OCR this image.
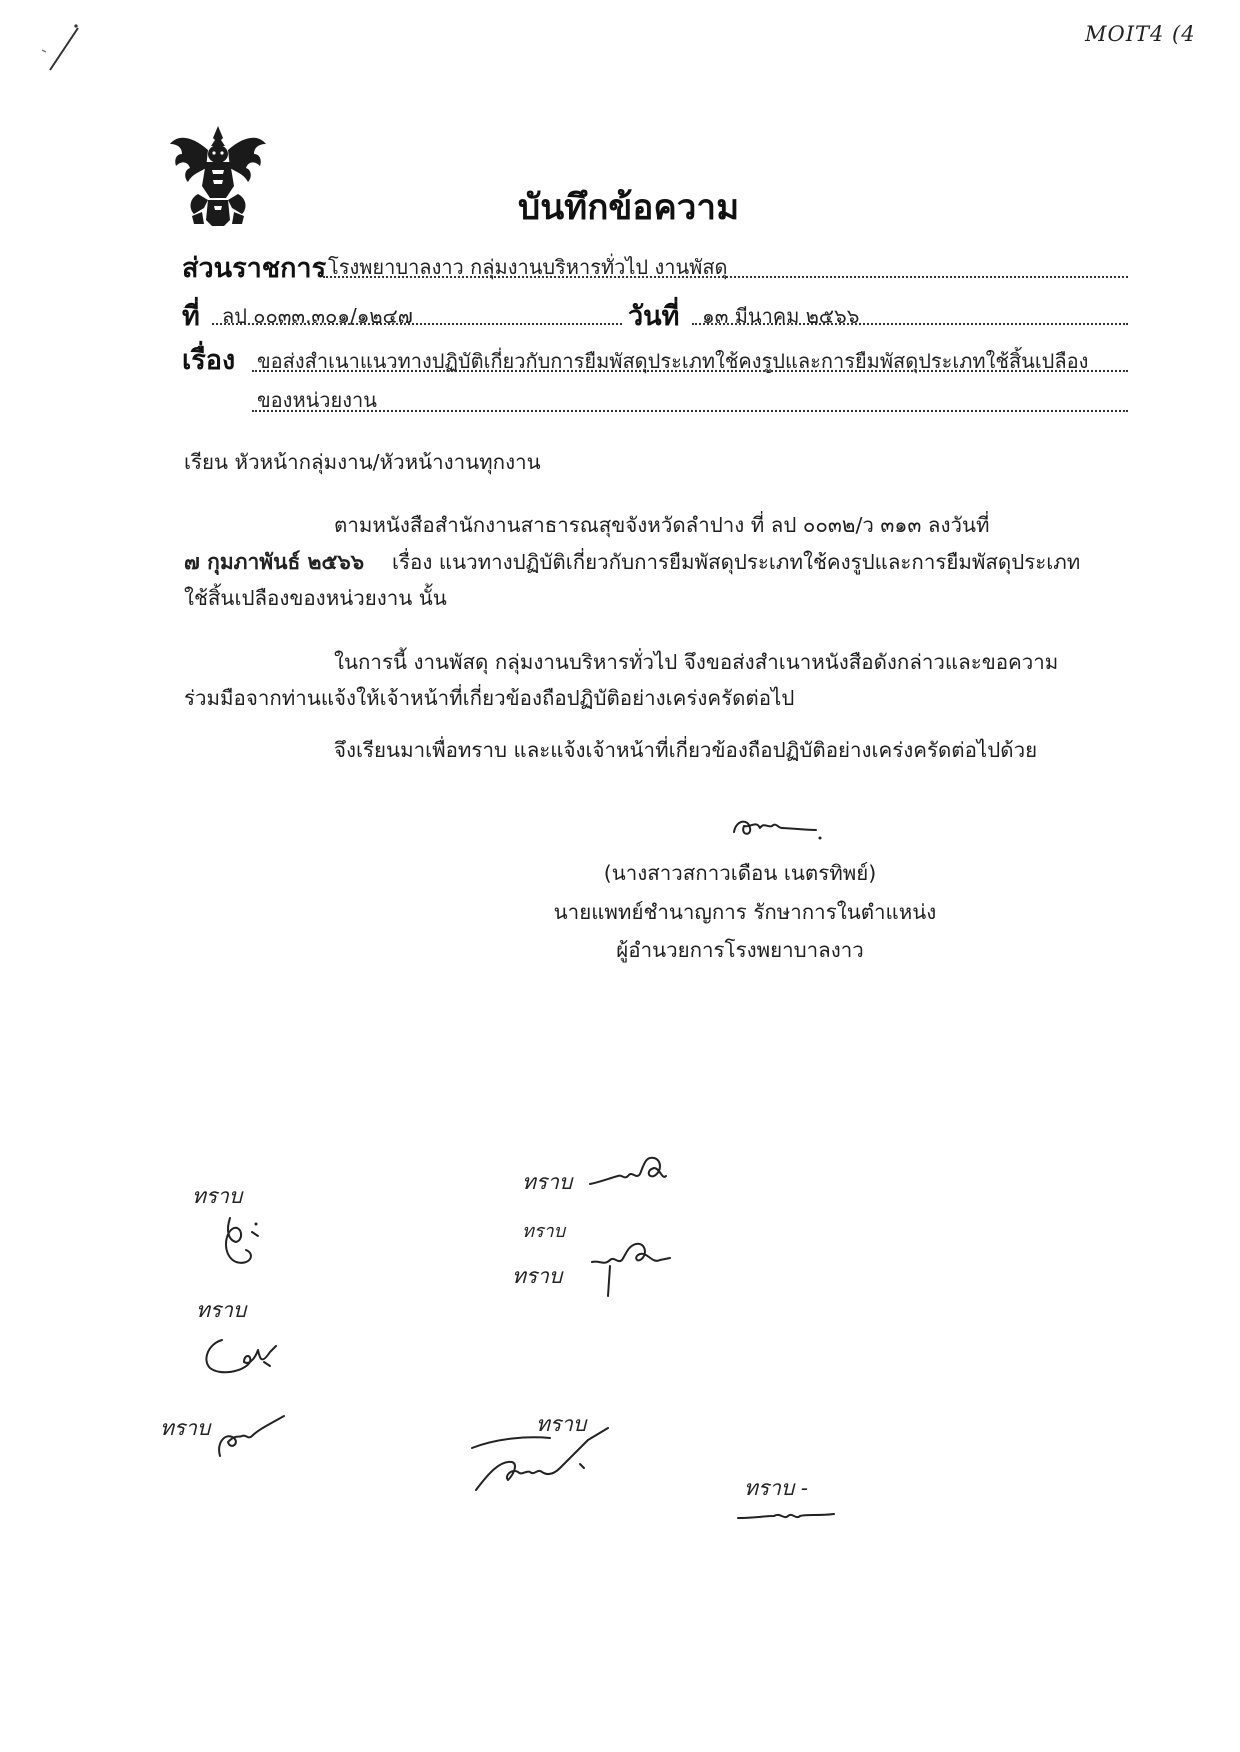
MOIT4 (4
บันทึกข้อความ
ส่วนราชการ โรงพยาบาลงาว กลุ่มงานบริหารทั่วไป งานพัสดุ
ที่ ลป ๐๐๓๓.๓๐๑/๑๒๔๗	วันที่ ๑๓ มีนาคม ๒๕๖๖
เรื่อง ขอส่งสำเนาแนวทางปฏิบัติเกี่ยวกับการยืมพัสดุประเภทใช้คงรูปและการยืมพัสดุประเภทใช้สิ้นเปลือง
ของหน่วยงาน
เรียน หัวหน้ากลุ่มงาน/หัวหน้างานทุกงาน
ตามหนังสือสำนักงานสาธารณสุขจังหวัดลำปาง ที่ ลป ๐๐๓๒/ว ๓๑๓ ลงวันที่
๗ กุมภาพันธ์ ๒๕๖๖ เรื่อง แนวทางปฏิบัติเกี่ยวกับการยืมพัสดุประเภทใช้คงรูปและการยืมพัสดุประเภท
ใช้สิ้นเปลืองของหน่วยงาน นั้น
ในการนี้ งานพัสดุ กลุ่มงานบริหารทั่วไป จึงขอส่งสำเนาหนังสือดังกล่าวและขอความ
ร่วมมือจากท่านแจ้งให้เจ้าหน้าที่เกี่ยวข้องถือปฏิบัติอย่างเคร่งครัดต่อไป
จึงเรียนมาเพื่อทราบ และแจ้งเจ้าหน้าที่เกี่ยวข้องถือปฏิบัติอย่างเคร่งครัดต่อไปด้วย
(นางสาวสกาวเดือน เนตรทิพย์)
นายแพทย์ชำนาญการ รักษาการในตำแหน่ง
ผู้อำนวยการโรงพยาบาลงาว
ทราบ
ทราบ
ทราบ
ทราบ
ทราบ
ทราบ
ทราบ
ทราบ -
